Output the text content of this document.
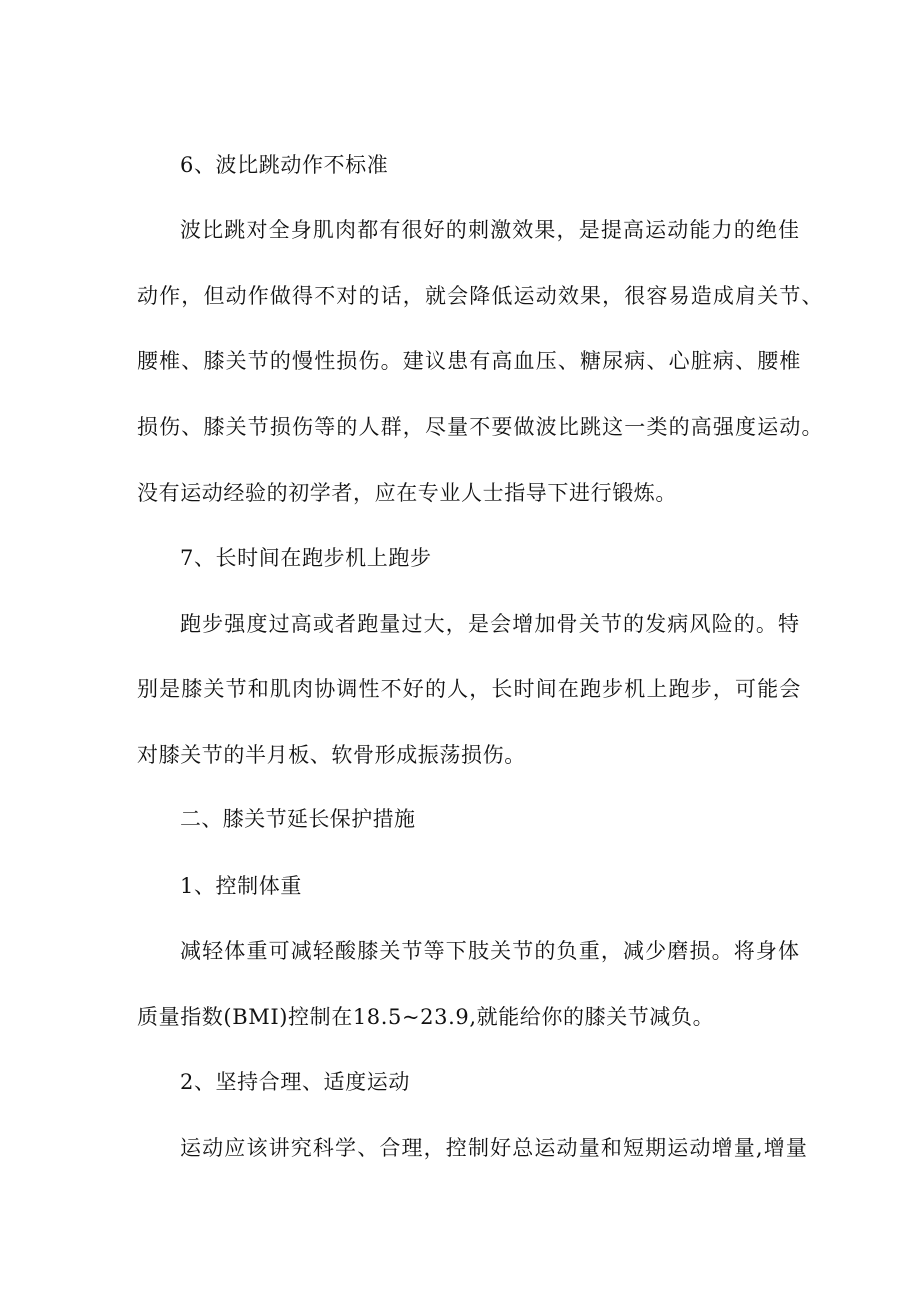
6、波比跳动作不标准
波比跳对全身肌肉都有很好的刺激效果，是提高运动能力的绝佳
动作，但动作做得不对的话，就会降低运动效果，很容易造成肩关节、
腰椎、膝关节的慢性损伤。建议患有高血压、糖尿病、心脏病、腰椎
损伤、膝关节损伤等的人群，尽量不要做波比跳这一类的高强度运动。
没有运动经验的初学者，应在专业人士指导下进行锻炼。
7、长时间在跑步机上跑步
跑步强度过高或者跑量过大，是会增加骨关节的发病风险的。特
别是膝关节和肌肉协调性不好的人，长时间在跑步机上跑步，可能会
对膝关节的半月板、软骨形成振荡损伤。
二、膝关节延长保护措施
1、控制体重
减轻体重可减轻酸膝关节等下肢关节的负重，减少磨损。将身体
质量指数(BMI)控制在18.5~23.9,就能给你的膝关节减负。
2、坚持合理、适度运动
运动应该讲究科学、合理，控制好总运动量和短期运动增量,增量
